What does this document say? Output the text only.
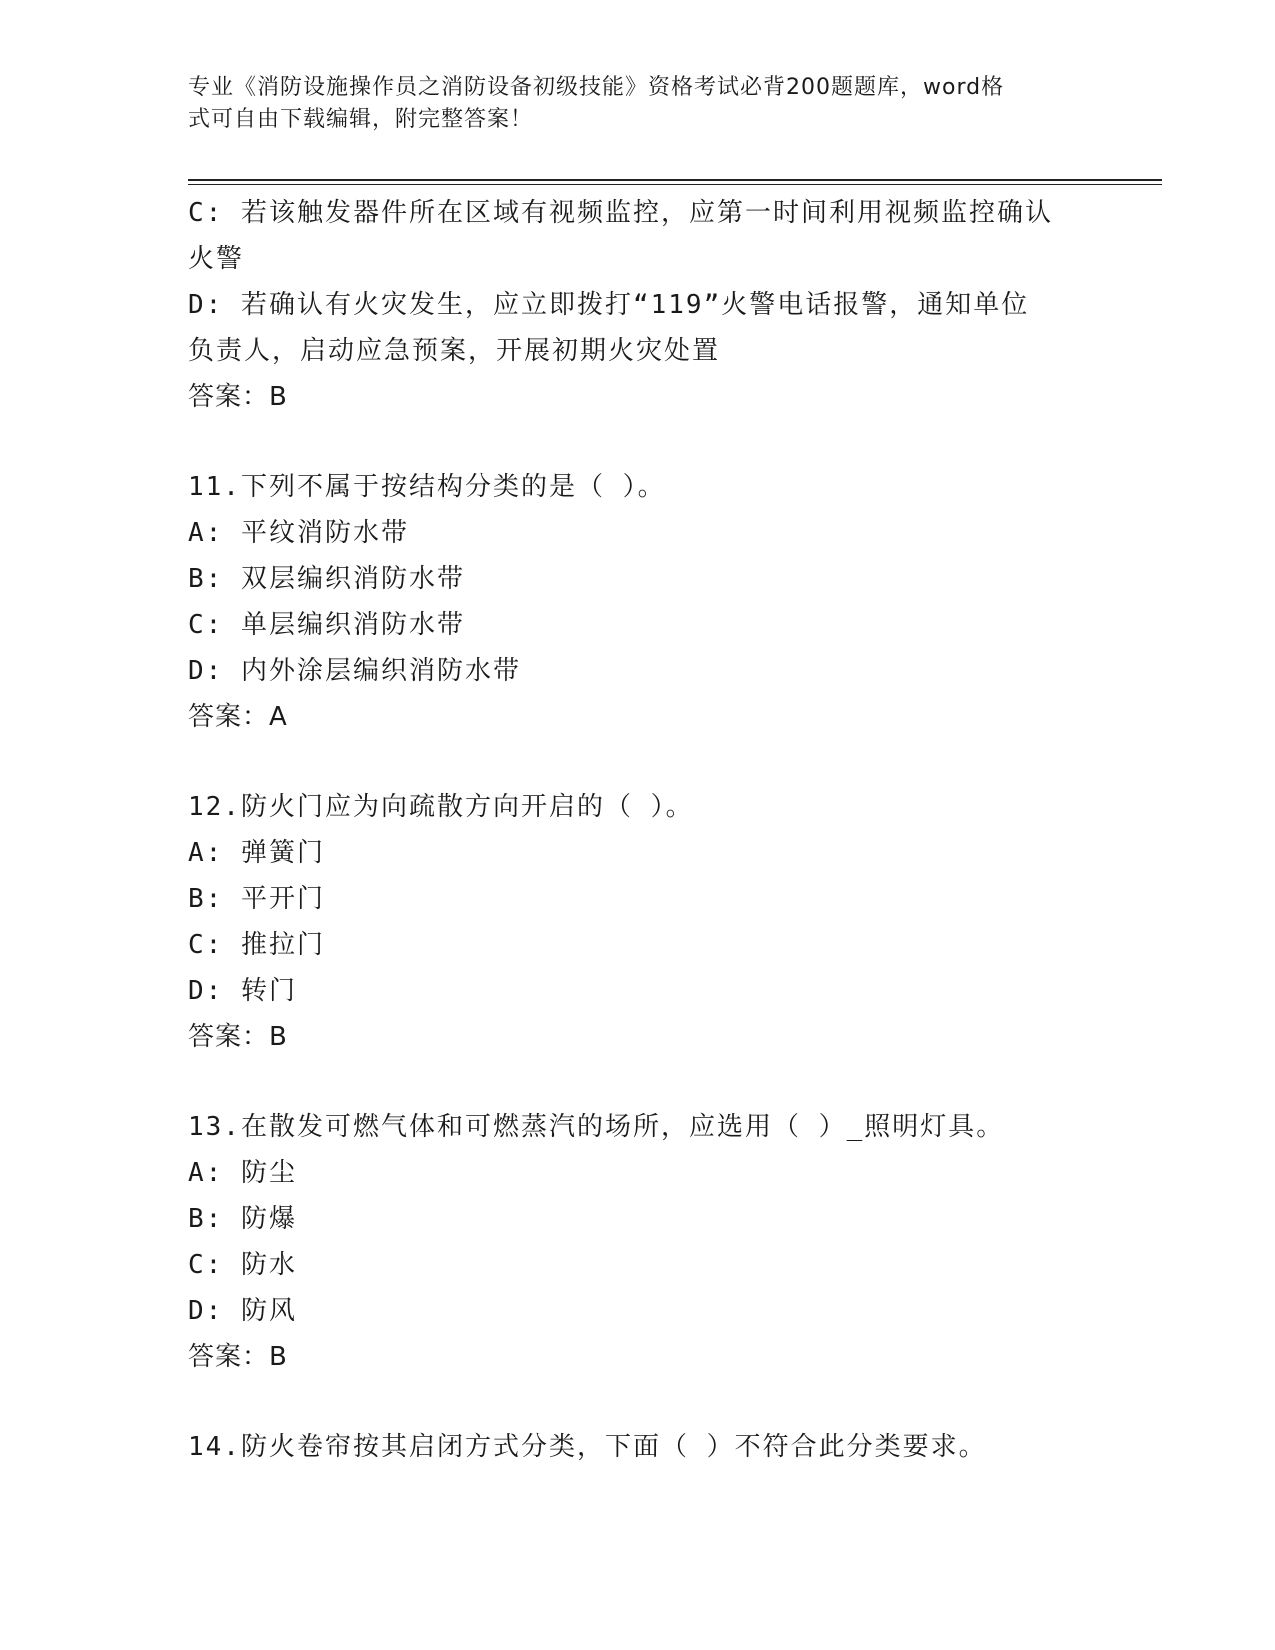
专业《消防设施操作员之消防设备初级技能》资格考试必背200题题库，word格
式可自由下载编辑，附完整答案！
C: 若该触发器件所在区域有视频监控，应第一时间利用视频监控确认
火警
D: 若确认有火灾发生，应立即拨打“119”火警电话报警，通知单位
负责人，启动应急预案，开展初期火灾处置
答案：B
11.下列不属于按结构分类的是（ ）。
A: 平纹消防水带
B: 双层编织消防水带
C: 单层编织消防水带
D: 内外涂层编织消防水带
答案：A
12.防火门应为向疏散方向开启的（ ）。
A: 弹簧门
B: 平开门
C: 推拉门
D: 转门
答案：B
13.在散发可燃气体和可燃蒸汽的场所，应选用（ ）_照明灯具。
A: 防尘
B: 防爆
C: 防水
D: 防风
答案：B
14.防火卷帘按其启闭方式分类，下面（ ）不符合此分类要求。
